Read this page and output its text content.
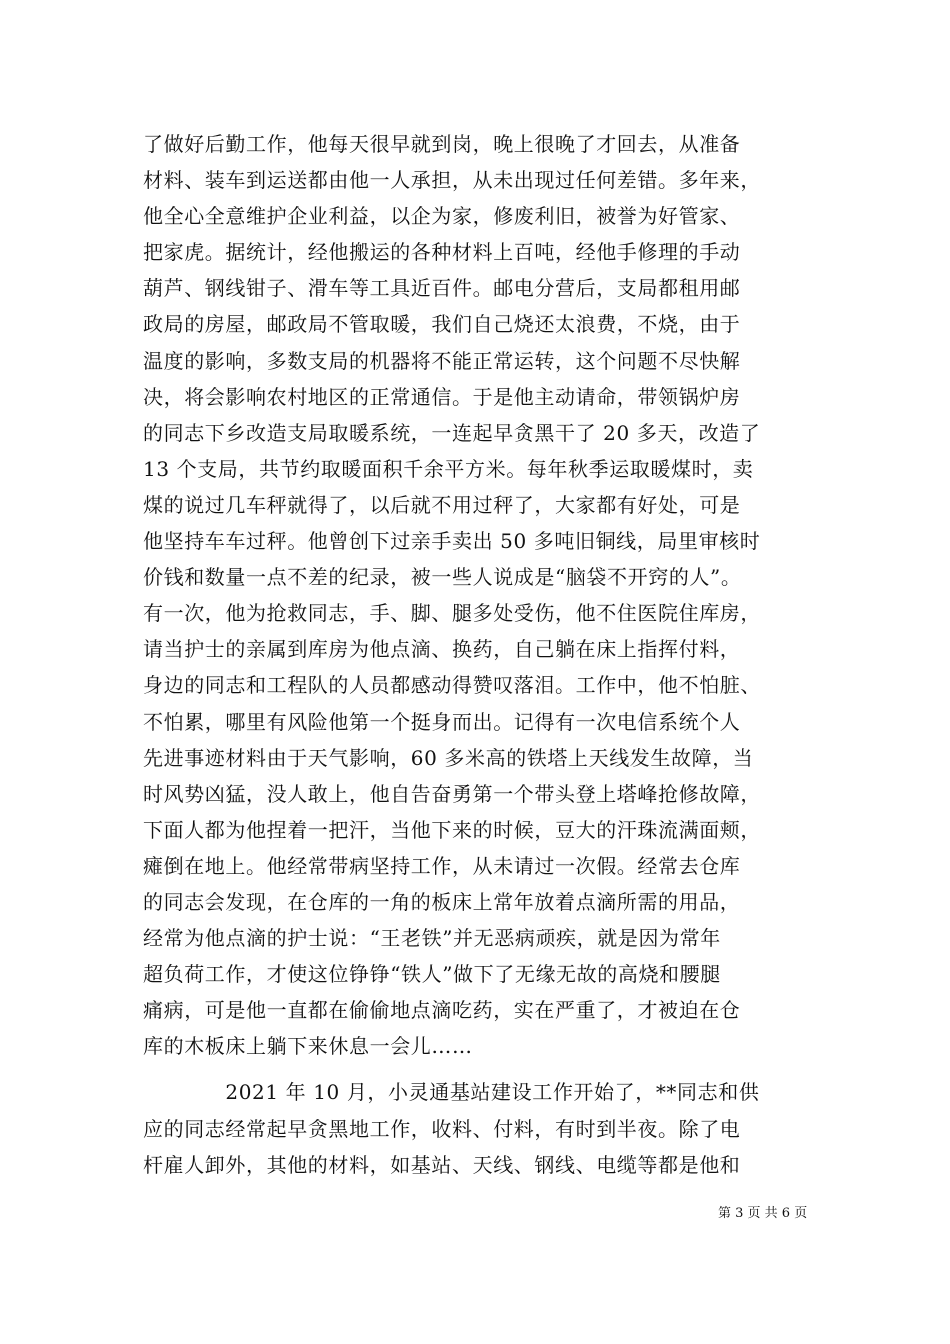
了做好后勤工作，他每天很早就到岗，晚上很晚了才回去，从准备
材料、装车到运送都由他一人承担，从未出现过任何差错。多年来，
他全心全意维护企业利益，以企为家，修废利旧，被誉为好管家、
把家虎。据统计，经他搬运的各种材料上百吨，经他手修理的手动
葫芦、钢线钳子、滑车等工具近百件。邮电分营后，支局都租用邮
政局的房屋，邮政局不管取暖，我们自己烧还太浪费，不烧，由于
温度的影响，多数支局的机器将不能正常运转，这个问题不尽快解
决，将会影响农村地区的正常通信。于是他主动请命，带领锅炉房
的同志下乡改造支局取暖系统，一连起早贪黑干了 20 多天，改造了
13 个支局，共节约取暖面积千余平方米。每年秋季运取暖煤时，卖
煤的说过几车秤就得了，以后就不用过秤了，大家都有好处，可是
他坚持车车过秤。他曾创下过亲手卖出 50 多吨旧铜线，局里审核时
价钱和数量一点不差的纪录，被一些人说成是“脑袋不开窍的人”。
有一次，他为抢救同志，手、脚、腿多处受伤，他不住医院住库房，
请当护士的亲属到库房为他点滴、换药，自己躺在床上指挥付料，
身边的同志和工程队的人员都感动得赞叹落泪。工作中，他不怕脏、
不怕累，哪里有风险他第一个挺身而出。记得有一次电信系统个人
先进事迹材料由于天气影响，60 多米高的铁塔上天线发生故障，当
时风势凶猛，没人敢上，他自告奋勇第一个带头登上塔峰抢修故障，
下面人都为他捏着一把汗，当他下来的时候，豆大的汗珠流满面颊，
瘫倒在地上。他经常带病坚持工作，从未请过一次假。经常去仓库
的同志会发现，在仓库的一角的板床上常年放着点滴所需的用品，
经常为他点滴的护士说：“王老铁”并无恶病顽疾，就是因为常年
超负荷工作，才使这位铮铮“铁人”做下了无缘无故的高烧和腰腿
痛病，可是他一直都在偷偷地点滴吃药，实在严重了，才被迫在仓
库的木板床上躺下来休息一会儿……
　　　　2021 年 10 月，小灵通基站建设工作开始了，**同志和供
应的同志经常起早贪黑地工作，收料、付料，有时到半夜。除了电
杆雇人卸外，其他的材料，如基站、天线、钢线、电缆等都是他和
第 3 页 共 6 页
